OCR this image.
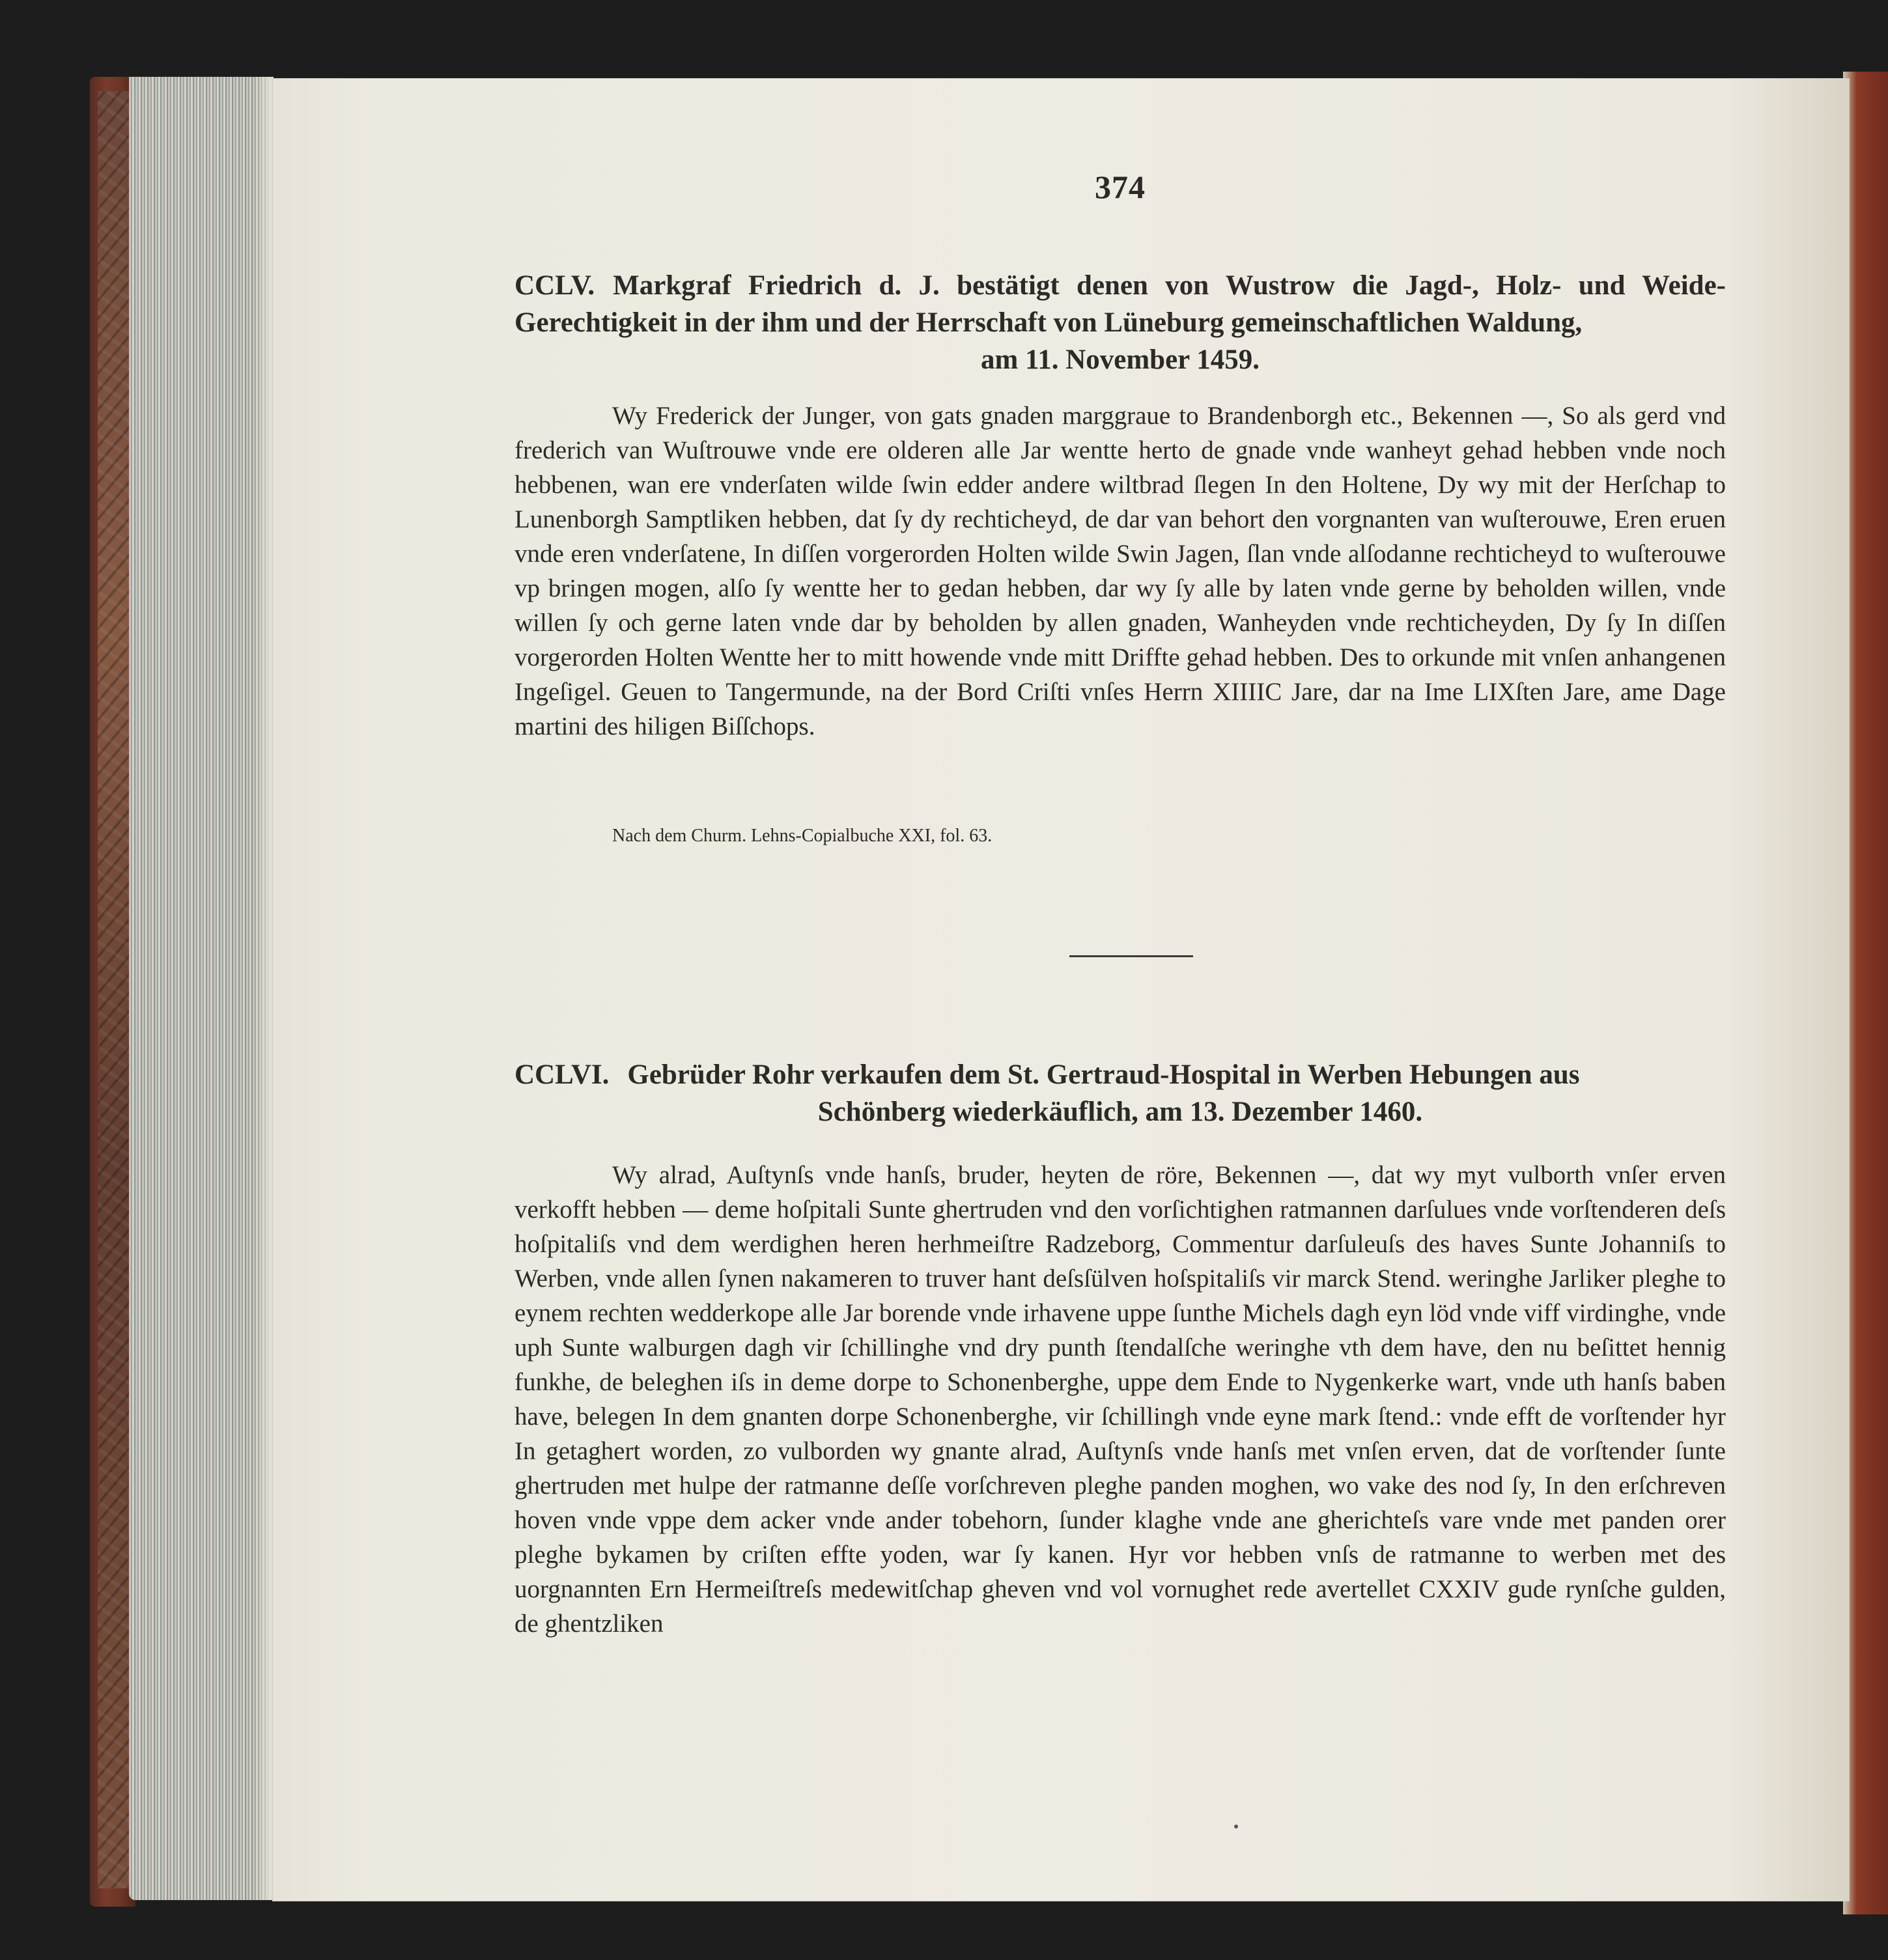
374
CCLV. Markgraf Friedrich d. J. bestätigt denen von Wustrow die Jagd-, Holz- und Weide-Gerechtigkeit in der ihm und der Herrschaft von Lüneburg gemeinschaftlichen Waldung,
am 11. November 1459.

Wy Frederick der Junger, von gats gnaden marggraue to Brandenborgh etc., Bekennen —, So als gerd vnd frederich van Wuſtrouwe vnde ere olderen alle Jar wentte herto de gnade vnde wanheyt gehad hebben vnde noch hebbenen, wan ere vnderſaten wilde ſwin edder andere wiltbrad ſlegen In den Holtene, Dy wy mit der Herſchap to Lunenborgh Samptliken hebben, dat ſy dy rechticheyd, de dar van behort den vorgnanten van wuſterouwe, Eren eruen vnde eren vnderſatene, In diſſen vorgerorden Holten wilde Swin Jagen, ſlan vnde alſodanne rechticheyd to wuſterouwe vp bringen mogen, alſo ſy wentte her to gedan hebben, dar wy ſy alle by laten vnde gerne by beholden willen, vnde willen ſy och gerne laten vnde dar by beholden by allen gnaden, Wanheyden vnde rechticheyden, Dy ſy In diſſen vorgerorden Holten Wentte her to mitt howende vnde mitt Driffte gehad hebben. Des to orkunde mit vnſen anhangenen Ingeſigel. Geuen to Tangermunde, na der Bord Criſti vnſes Herrn XIIIIC Jare, dar na Ime LIXſten Jare, ame Dage martini des hiligen Biſſchops.

Nach dem Churm. Lehns-Copialbuche XXI, fol. 63.
CCLVI. Gebrüder Rohr verkaufen dem St. Gertraud-Hospital in Werben Hebungen aus
Schönberg wiederkäuflich, am 13. Dezember 1460.

Wy alrad, Auſtynſs vnde hanſs, bruder, heyten de röre, Bekennen —, dat wy myt vulborth vnſer erven verkofft hebben — deme hoſpitali Sunte ghertruden vnd den vorſichtighen ratmannen darſulues vnde vorſtenderen deſs hoſpitaliſs vnd dem werdighen heren herhmeiſtre Radzeborg, Commentur darſuleuſs des haves Sunte Johanniſs to Werben, vnde allen ſynen nakameren to truver hant deſsſülven hoſspitaliſs vir marck Stend. weringhe Jarliker pleghe to eynem rechten wedderkope alle Jar borende vnde irhavene uppe ſunthe Michels dagh eyn löd vnde viff virdinghe, vnde uph Sunte walburgen dagh vir ſchillinghe vnd dry punth ſtendalſche weringhe vth dem have, den nu beſittet hennig funkhe, de beleghen iſs in deme dorpe to Schonenberghe, uppe dem Ende to Nygenkerke wart, vnde uth hanſs baben have, belegen In dem gnanten dorpe Schonenberghe, vir ſchillingh vnde eyne mark ſtend.: vnde efft de vorſtender hyr In getaghert worden, zo vulborden wy gnante alrad, Auſtynſs vnde hanſs met vnſen erven, dat de vorſtender ſunte ghertruden met hulpe der ratmanne deſſe vorſchreven pleghe panden moghen, wo vake des nod ſy, In den erſchreven hoven vnde vppe dem acker vnde ander tobehorn, ſunder klaghe vnde ane gherichteſs vare vnde met panden orer pleghe bykamen by criſten effte yoden, war ſy kanen. Hyr vor hebben vnſs de ratmanne to werben met des uorgnannten Ern Hermeiſtreſs medewitſchap gheven vnd vol vornughet rede avertellet CXXIV gude rynſche gulden, de ghentzliken
